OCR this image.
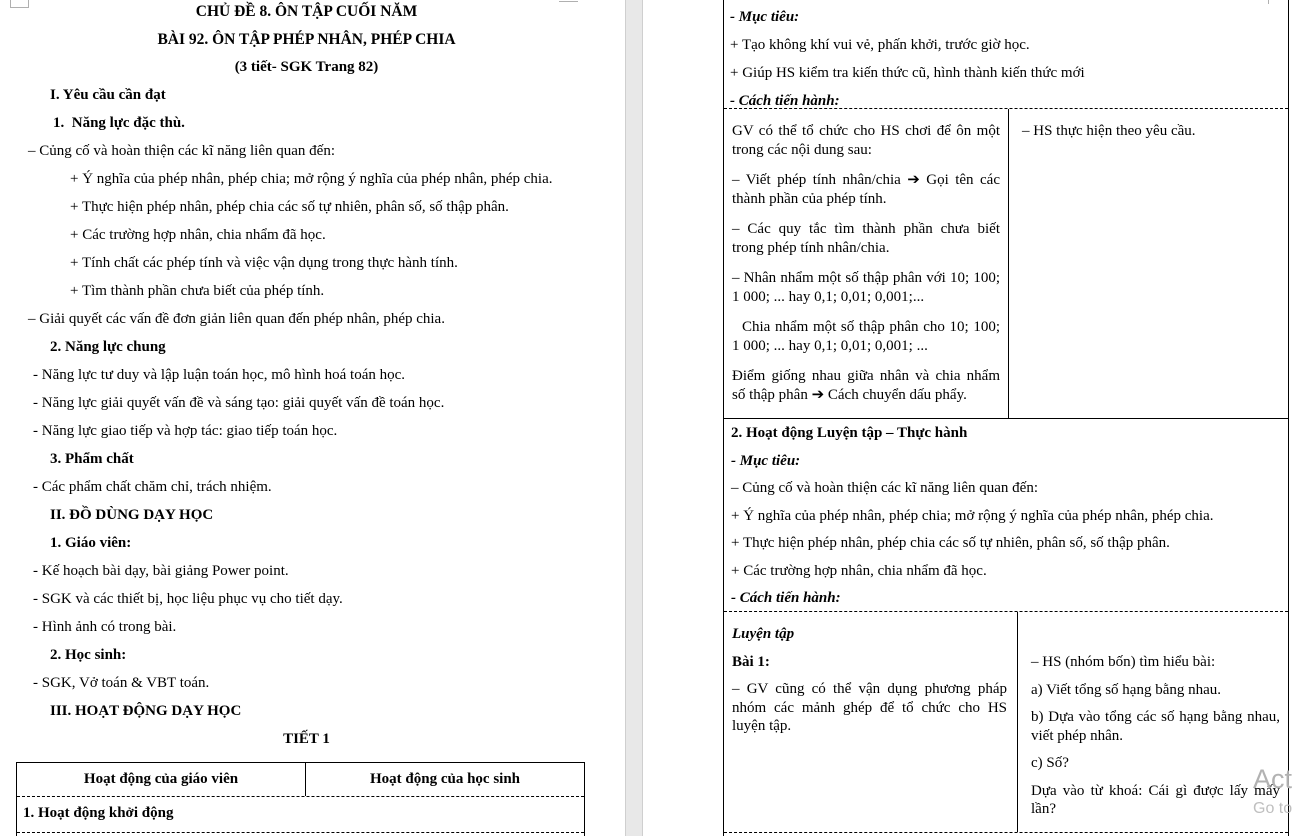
CHỦ ĐỀ 8. ÔN TẬP CUỐI NĂM
BÀI 92. ÔN TẬP PHÉP NHÂN, PHÉP CHIA
(3 tiết- SGK Trang 82)
I. Yêu cầu cần đạt
1.  Năng lực đặc thù.
– Củng cố và hoàn thiện các kĩ năng liên quan đến:
+ Ý nghĩa của phép nhân, phép chia; mở rộng ý nghĩa của phép nhân, phép chia.
+ Thực hiện phép nhân, phép chia các số tự nhiên, phân số, số thập phân.
+ Các trường hợp nhân, chia nhẩm đã học.
+ Tính chất các phép tính và việc vận dụng trong thực hành tính.
+ Tìm thành phần chưa biết của phép tính.
– Giải quyết các vấn đề đơn giản liên quan đến phép nhân, phép chia.
2. Năng lực chung
- Năng lực tư duy và lập luận toán học, mô hình hoá toán học.
- Năng lực giải quyết vấn đề và sáng tạo: giải quyết vấn đề toán học.
- Năng lực giao tiếp và hợp tác: giao tiếp toán học.
3. Phẩm chất
- Các phẩm chất chăm chỉ, trách nhiệm.
II. ĐỒ DÙNG DẠY HỌC
1. Giáo viên:
- Kế hoạch bài dạy, bài giảng Power point.
- SGK và các thiết bị, học liệu phục vụ cho tiết dạy.
- Hình ảnh có trong bài.
2. Học sinh:
- SGK, Vở toán & VBT toán.
III. HOẠT ĐỘNG DẠY HỌC
TIẾT 1
Hoạt động của giáo viên	Hoạt động của học sinh
1. Hoạt động khởi động
- Mục tiêu:
+ Tạo không khí vui vẻ, phấn khởi, trước giờ học.
+ Giúp HS kiểm tra kiến thức cũ, hình thành kiến thức mới
- Cách tiến hành:

GV có thể tổ chức cho HS chơi để ôn một trong các nội dung sau:

– Viết phép tính nhân/chia ➔ Gọi tên các thành phần của phép tính.

– Các quy tắc tìm thành phần chưa biết trong phép tính nhân/chia.

– Nhân nhẩm một số thập phân với 10; 100; 1 000; ... hay 0,1; 0,01; 0,001;...

Chia nhẩm một số thập phân cho 10; 100; 1 000; ... hay 0,1; 0,01; 0,001; ...

Điểm giống nhau giữa nhân và chia nhẩm số thập phân ➔ Cách chuyển dấu phẩy.

– HS thực hiện theo yêu cầu.

2. Hoạt động Luyện tập – Thực hành
- Mục tiêu:
– Củng cố và hoàn thiện các kĩ năng liên quan đến:
+ Ý nghĩa của phép nhân, phép chia; mở rộng ý nghĩa của phép nhân, phép chia.
+ Thực hiện phép nhân, phép chia các số tự nhiên, phân số, số thập phân.
+ Các trường hợp nhân, chia nhẩm đã học.
- Cách tiến hành:

Luyện tập

Bài 1:

– GV cũng có thể vận dụng phương pháp nhóm các mảnh ghép để tổ chức cho HS luyện tập.

– HS (nhóm bốn) tìm hiểu bài:

a) Viết tổng số hạng bằng nhau.

b) Dựa vào tổng các số hạng bằng nhau, viết phép nhân.

c) Số?

Dựa vào từ khoá: Cái gì được lấy mấy lần?

Act
Go to
